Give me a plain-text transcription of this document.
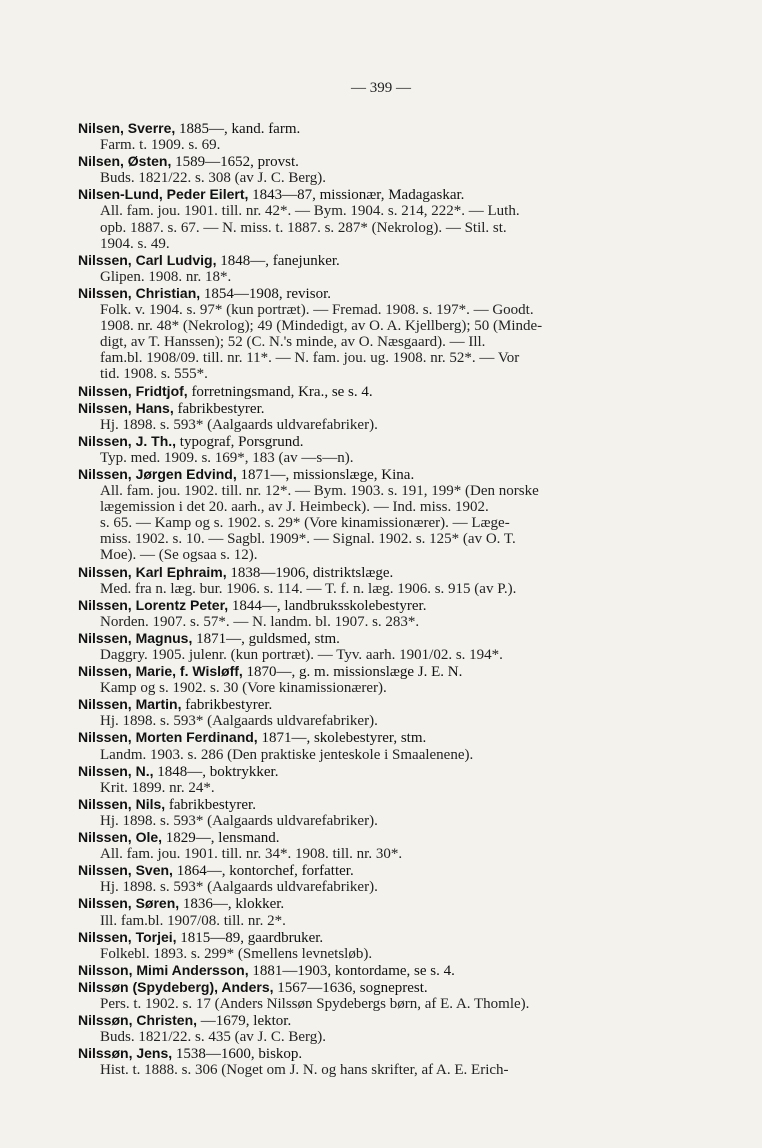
— 399 —
Nilsen, Sverre, 1885—, kand. farm.
Farm. t. 1909. s. 69.
Nilsen, Østen, 1589—1652, provst.
Buds. 1821/22. s. 308 (av J. C. Berg).
Nilsen-Lund, Peder Eilert, 1843—87, missionær, Madagaskar.
All. fam. jou. 1901. till. nr. 42*. — Bym. 1904. s. 214, 222*. — Luth.
opb. 1887. s. 67. — N. miss. t. 1887. s. 287* (Nekrolog). — Stil. st.
1904. s. 49.
Nilssen, Carl Ludvig, 1848—, fanejunker.
Glipen. 1908. nr. 18*.
Nilssen, Christian, 1854—1908, revisor.
Folk. v. 1904. s. 97* (kun portræt). — Fremad. 1908. s. 197*. — Goodt.
1908. nr. 48* (Nekrolog); 49 (Mindedigt, av O. A. Kjellberg); 50 (Minde-
digt, av T. Hanssen); 52 (C. N.'s minde, av O. Næsgaard). — Ill.
fam.bl. 1908/09. till. nr. 11*. — N. fam. jou. ug. 1908. nr. 52*. — Vor
tid. 1908. s. 555*.
Nilssen, Fridtjof, forretningsmand, Kra., se s. 4.
Nilssen, Hans, fabrikbestyrer.
Hj. 1898. s. 593* (Aalgaards uldvarefabriker).
Nilssen, J. Th., typograf, Porsgrund.
Typ. med. 1909. s. 169*, 183 (av —s—n).
Nilssen, Jørgen Edvind, 1871—, missionslæge, Kina.
All. fam. jou. 1902. till. nr. 12*. — Bym. 1903. s. 191, 199* (Den norske
lægemission i det 20. aarh., av J. Heimbeck). — Ind. miss. 1902.
s. 65. — Kamp og s. 1902. s. 29* (Vore kinamissionærer). — Læge-
miss. 1902. s. 10. — Sagbl. 1909*. — Signal. 1902. s. 125* (av O. T.
Moe). — (Se ogsaa s. 12).
Nilssen, Karl Ephraim, 1838—1906, distriktslæge.
Med. fra n. læg. bur. 1906. s. 114. — T. f. n. læg. 1906. s. 915 (av P.).
Nilssen, Lorentz Peter, 1844—, landbruksskolebestyrer.
Norden. 1907. s. 57*. — N. landm. bl. 1907. s. 283*.
Nilssen, Magnus, 1871—, guldsmed, stm.
Daggry. 1905. julenr. (kun portræt). — Tyv. aarh. 1901/02. s. 194*.
Nilssen, Marie, f. Wisløff, 1870—, g. m. missionslæge J. E. N.
Kamp og s. 1902. s. 30 (Vore kinamissionærer).
Nilssen, Martin, fabrikbestyrer.
Hj. 1898. s. 593* (Aalgaards uldvarefabriker).
Nilssen, Morten Ferdinand, 1871—, skolebestyrer, stm.
Landm. 1903. s. 286 (Den praktiske jenteskole i Smaalenene).
Nilssen, N., 1848—, boktrykker.
Krit. 1899. nr. 24*.
Nilssen, Nils, fabrikbestyrer.
Hj. 1898. s. 593* (Aalgaards uldvarefabriker).
Nilssen, Ole, 1829—, lensmand.
All. fam. jou. 1901. till. nr. 34*. 1908. till. nr. 30*.
Nilssen, Sven, 1864—, kontorchef, forfatter.
Hj. 1898. s. 593* (Aalgaards uldvarefabriker).
Nilssen, Søren, 1836—, klokker.
Ill. fam.bl. 1907/08. till. nr. 2*.
Nilssen, Torjei, 1815—89, gaardbruker.
Folkebl. 1893. s. 299* (Smellens levnetsløb).
Nilsson, Mimi Andersson, 1881—1903, kontordame, se s. 4.
Nilssøn (Spydeberg), Anders, 1567—1636, sogneprest.
Pers. t. 1902. s. 17 (Anders Nilssøn Spydebergs børn, af E. A. Thomle).
Nilssøn, Christen, —1679, lektor.
Buds. 1821/22. s. 435 (av J. C. Berg).
Nilssøn, Jens, 1538—1600, biskop.
Hist. t. 1888. s. 306 (Noget om J. N. og hans skrifter, af A. E. Erich-
